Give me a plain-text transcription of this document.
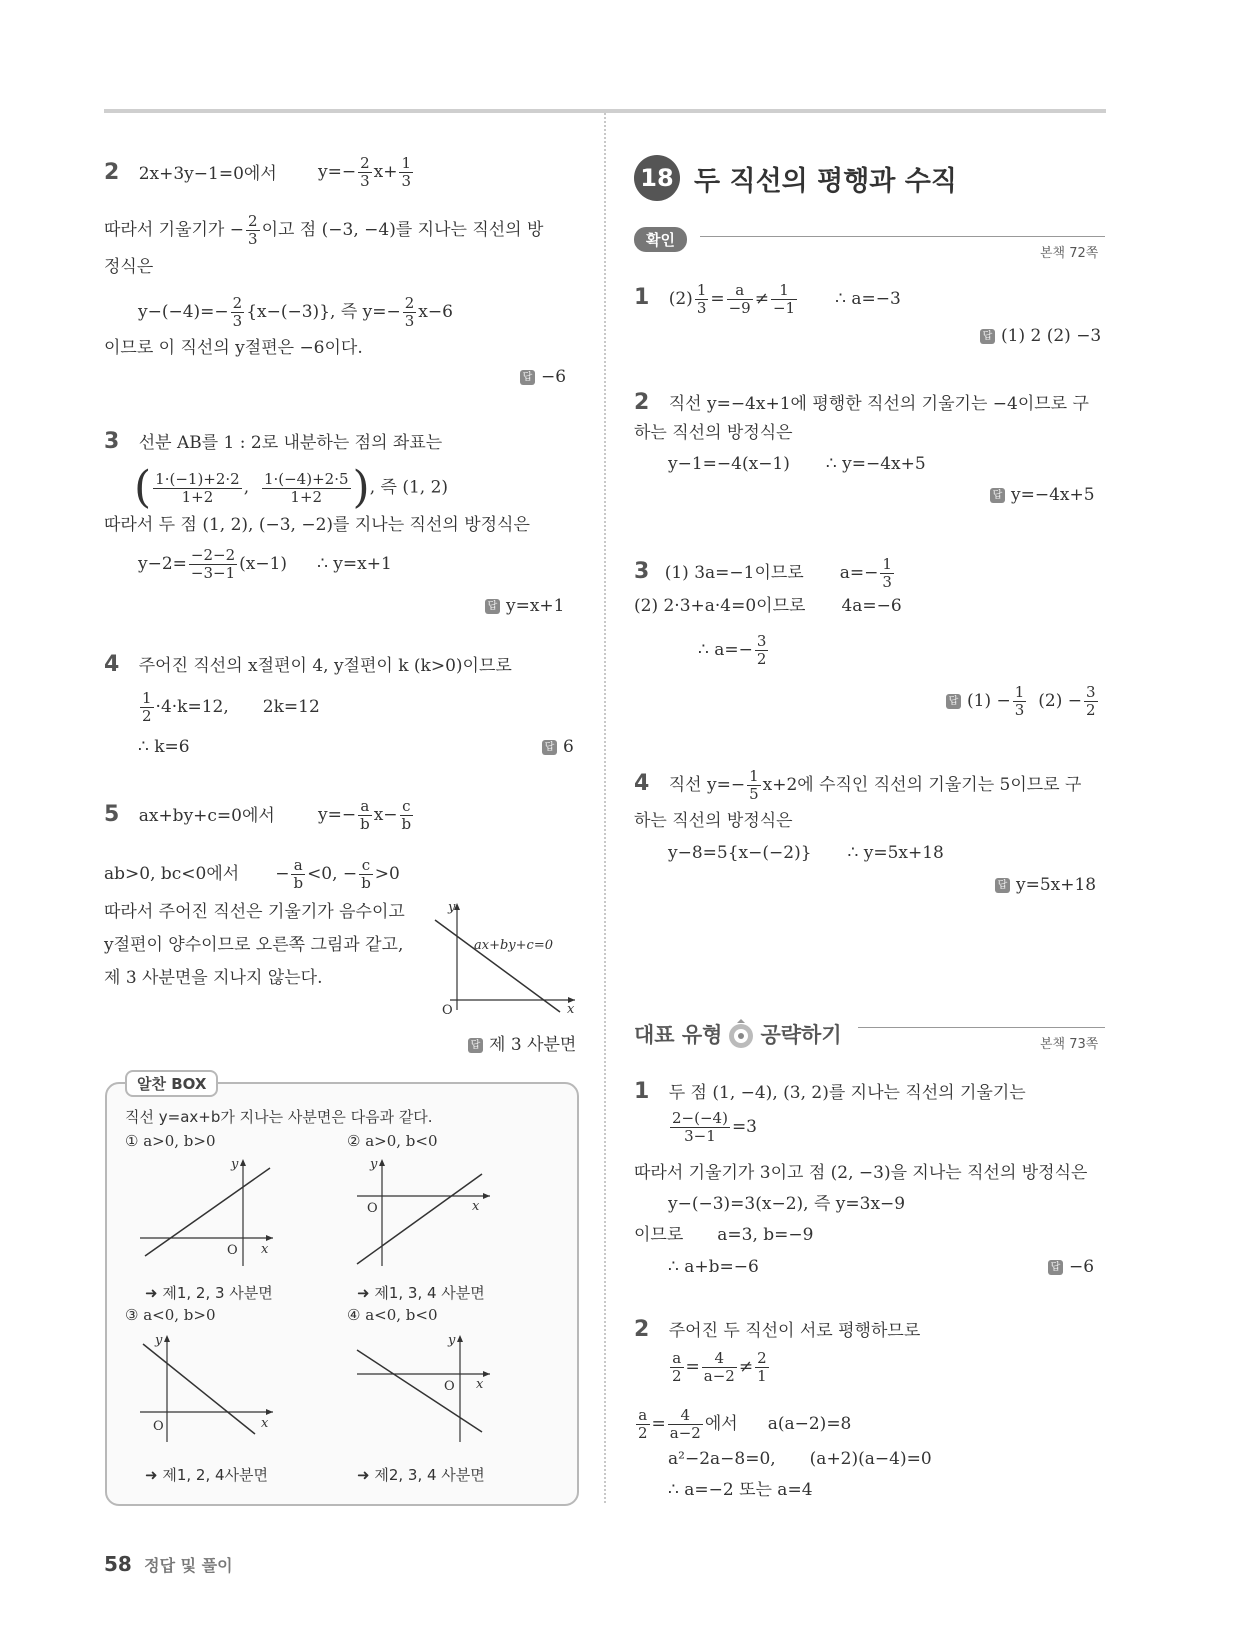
2 2x+3y−1=0에서 $y=- \frac{2}{3} x+ \frac{1}{3}$
따라서 기울기가 − $\frac{2}{3}$ 이고 점 (−3, −4)를 지나는 직선의 방
정식은
$y-(-4)=- \frac{2}{3} \{x-(-3)\}$, 즉 $y=- \frac{2}{3} x-6$
이므로 이 직선의 y절편은 −6이다.
답 −6
3 선분 AB를 1 : 2로 내분하는 점의 좌표는
( $\frac{1\cdot(-1)+2\cdot 2}{1+2}$ , $\frac{1\cdot(-4)+2\cdot 5}{1+2}$ ), 즉 (1, 2)
따라서 두 점 (1, 2), (−3, −2)를 지나는 직선의 방정식은
$y-2= \frac{-2-2}{-3-1} (x-1)$ ∴ y=x+1
답 y=x+1
4 주어진 직선의 x절편이 4, y절편이 k (k>0)이므로
$\frac{1}{2} \cdot 4\cdot k=12$, 2k=12
∴ k=6	답 6
5 ax+by+c=0에서	$y=- \frac{a}{b} x- \frac{c}{b}$
ab>0, bc<0에서 − $\frac{a}{b} <0$, − $\frac{c}{b} >0$
따라서 주어진 직선은 기울기가 음수이고
y절편이 양수이므로 오른쪽 그림과 같고,
제 3 사분면을 지나지 않는다.
y
x
O
ax+by+c=0
답 제 3 사분면
알찬 BOX
직선 y=ax+b가 지나는 사분면은 다음과 같다.
① a>0, b>0	② a>0, b<0
y
x
O
y
x
O
➜ 제1, 2, 3 사분면	➜ 제1, 3, 4 사분면
③ a<0, b>0	④ a<0, b<0
y
x
O
y
x
O
➜ 제1, 2, 4사분면	➜ 제2, 3, 4 사분면
18 두 직선의 평행과 수직
확인
본책 72쪽
1 $(2) \frac{1}{3} = \frac{a}{-9} \ne \frac{1}{-1}$ ∴ a=−3
답 (1) 2 (2) −3
2 직선 y=−4x+1에 평행한 직선의 기울기는 −4이므로 구
하는 직선의 방정식은
y−1=−4(x−1) ∴ y=−4x+5
답 y=−4x+5
3 (1) 3a=−1이므로 $a=- \frac{1}{3}$
(2) 2·3+a·4=0이므로 4a=−6
∴ $a=- \frac{3}{2}$
답 $(1) - \frac{1}{3} (2) - \frac{3}{2}$
4 직선 $y=- \frac{1}{5} x+2$에 수직인 직선의 기울기는 5이므로 구
하는 직선의 방정식은
y−8=5{x−(−2)} ∴ y=5x+18
답 y=5x+18
대표 유형 공략하기	본책 73쪽
1 두 점 (1, −4), (3, 2)를 지나는 직선의 기울기는
$\frac{2-(-4)}{3-1} =3$
따라서 기울기가 3이고 점 (2, −3)을 지나는 직선의 방정식은
y−(−3)=3(x−2), 즉 y=3x−9
이므로 a=3, b=−9
∴ a+b=−6	답 −6
2 주어진 두 직선이 서로 평행하므로
$\frac{a}{2} = \frac{4}{a-2} \ne \frac{2}{1}$
$\frac{a}{2} = \frac{4}{a-2}$ 에서 a(a−2)=8
a²−2a−8=0, (a+2)(a−4)=0
∴ a=−2 또는 a=4
58 정답 및 풀이
